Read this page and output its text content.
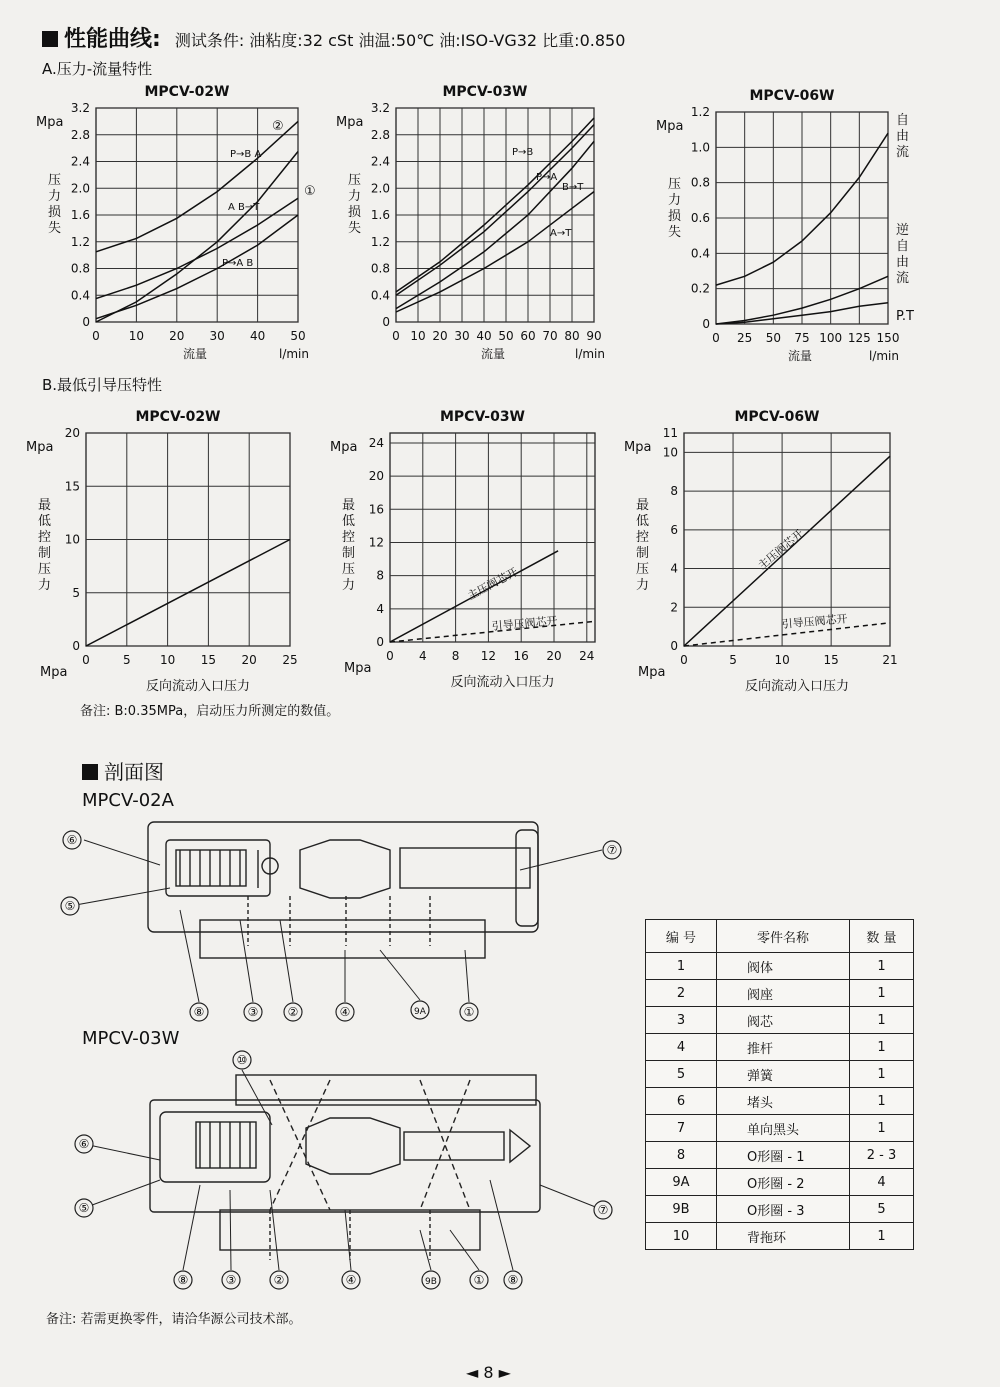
性能曲线: 测试条件: 油粘度:32 cSt 油温:50℃ 油:ISO-VG32 比重:0.850
A.压力-流量特性
B.最低引导压特性
备注: B:0.35MPa，启动压力所测定的数值。
0 10 20 30 40 50
0
0.4
0.8
1.2
1.6
2.0
2.4
2.8
3.2
MPCV-02W
Mpa
压
力
损
失
流量	l/min
②
①
P→B A
A B→T
P→A B
0 10 20 30 40 50 60 70 80 90
0
0.4
0.8
1.2
1.6
2.0
2.4
2.8
3.2
MPCV-03W
Mpa
压
力
损
失
流量	l/min
P→B
P→A
B→T
A→T
0 25 50 75 100 125 150
0
0.2
0.4
0.6
0.8
1.0
1.2
MPCV-06W
Mpa
压
力
损
失
流量	l/min
自
由
流
逆
自
由
流
P.T
0	5 10 15 20 25
0
5
10
15
20
MPCV-02W
Mpa
最
低
控
制
压
力
反向流动入口压力
Mpa
0 4 8 12 16 20 24
0
4
8
12
16
20
24
MPCV-03W
Mpa
最
低
控
制
压
力
反向流动入口压力
Mpa
主压阀芯开
引导压阀芯开
0	5	10	15	21
0
2
4
6
8
10
11
MPCV-06W
Mpa
最
低
控
制
压
力
反向流动入口压力
Mpa
主压阀芯开
引导压阀芯开
剖面图
MPCV-02A
MPCV-03W
⑥
⑤
⑦
⑧	③ ②	④	9A	①
⑩
⑥
⑤	⑦
⑧	③	②	④	9B	① ⑧
编 号	零件名称	数 量
1	阀体	1
2	阀座	1
3	阀芯	1
4	推杆	1
5	弹簧	1
6	堵头	1
7	单向黑头	1
8	O形圈 - 1	2 - 3
9A	O形圈 - 2	4
9B	O形圈 - 3	5
10	背拖环	1
备注: 若需更换零件，请洽华源公司技术部。
◄ 8 ►
